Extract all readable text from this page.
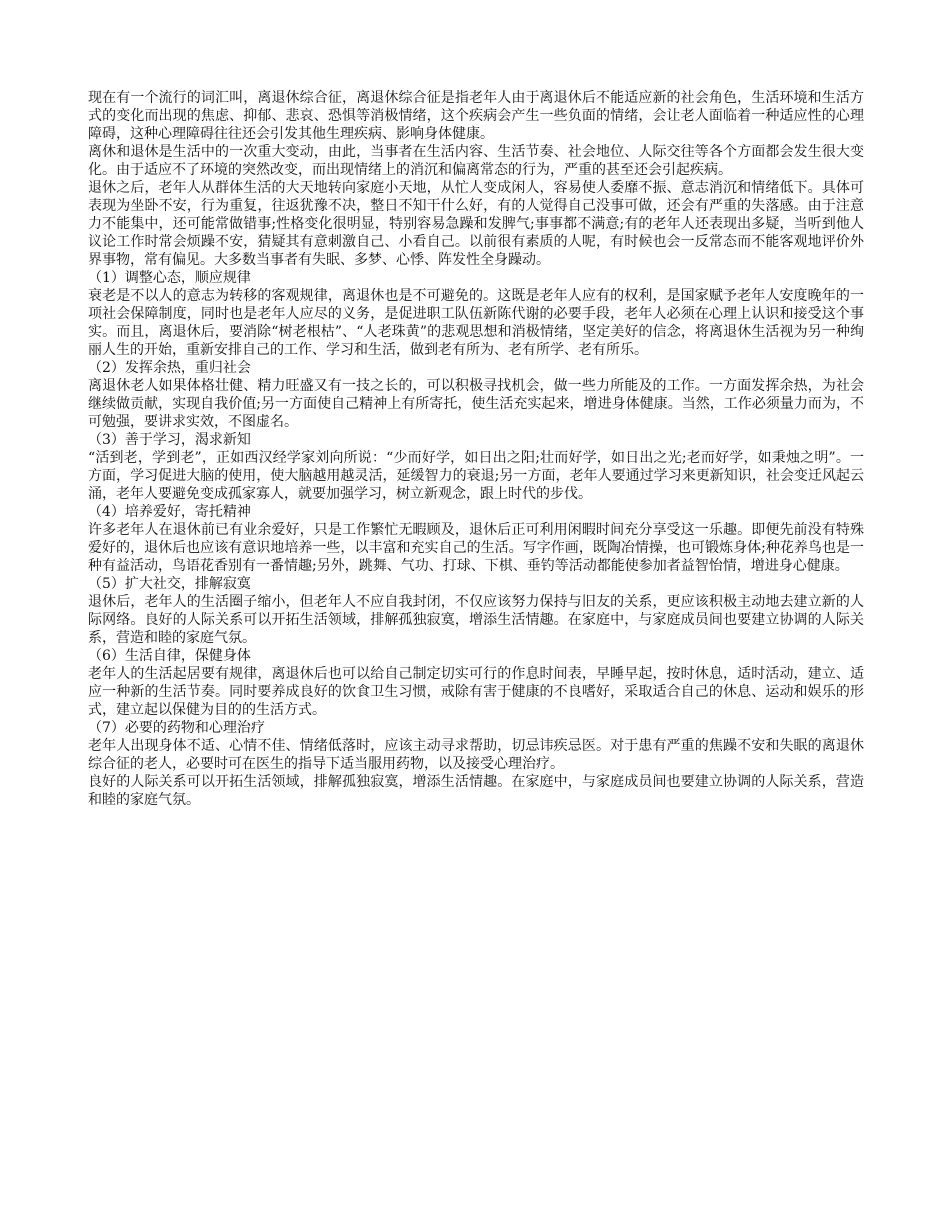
现在有一个流行的词汇叫，离退休综合征，离退休综合征是指老年人由于离退休后不能适应新的社会角色，生活环境和生活方式的变化而出现的焦虑、抑郁、悲哀、恐惧等消极情绪，这个疾病会产生一些负面的情绪，会让老人面临着一种适应性的心理障碍，这种心理障碍往往还会引发其他生理疾病、影响身体健康。

离休和退休是生活中的一次重大变动，由此，当事者在生活内容、生活节奏、社会地位、人际交往等各个方面都会发生很大变化。由于适应不了环境的突然改变，而出现情绪上的消沉和偏离常态的行为，严重的甚至还会引起疾病。

退休之后，老年人从群体生活的大天地转向家庭小天地，从忙人变成闲人，容易使人委靡不振、意志消沉和情绪低下。具体可表现为坐卧不安，行为重复，往返犹豫不决，整日不知干什么好，有的人觉得自己没事可做，还会有严重的失落感。由于注意力不能集中，还可能常做错事;性格变化很明显，特别容易急躁和发脾气;事事都不满意;有的老年人还表现出多疑，当听到他人议论工作时常会烦躁不安，猜疑其有意刺激自己、小看自己。以前很有素质的人呢，有时候也会一反常态而不能客观地评价外界事物，常有偏见。大多数当事者有失眠、多梦、心悸、阵发性全身躁动。

（1）调整心态，顺应规律

衰老是不以人的意志为转移的客观规律，离退休也是不可避免的。这既是老年人应有的权利，是国家赋予老年人安度晚年的一项社会保障制度，同时也是老年人应尽的义务，是促进职工队伍新陈代谢的必要手段，老年人必须在心理上认识和接受这个事实。而且，离退休后，要消除“树老根枯”、“人老珠黄”的悲观思想和消极情绪，坚定美好的信念，将离退休生活视为另一种绚丽人生的开始，重新安排自己的工作、学习和生活，做到老有所为、老有所学、老有所乐。

（2）发挥余热，重归社会

离退休老人如果体格壮健、精力旺盛又有一技之长的，可以积极寻找机会，做一些力所能及的工作。一方面发挥余热，为社会继续做贡献，实现自我价值;另一方面使自己精神上有所寄托，使生活充实起来，增进身体健康。当然，工作必须量力而为，不可勉强，要讲求实效，不图虚名。

（3）善于学习，渴求新知

“活到老，学到老”，正如西汉经学家刘向所说：“少而好学，如日出之阳;壮而好学，如日出之光;老而好学，如秉烛之明”。一方面，学习促进大脑的使用，使大脑越用越灵活，延缓智力的衰退;另一方面，老年人要通过学习来更新知识，社会变迁风起云涌，老年人要避免变成孤家寡人，就要加强学习，树立新观念，跟上时代的步伐。

（4）培养爱好，寄托精神

许多老年人在退休前已有业余爱好，只是工作繁忙无暇顾及，退休后正可利用闲暇时间充分享受这一乐趣。即便先前没有特殊爱好的，退休后也应该有意识地培养一些，以丰富和充实自己的生活。写字作画，既陶冶情操，也可锻炼身体;种花养鸟也是一种有益活动，鸟语花香别有一番情趣;另外，跳舞、气功、打球、下棋、垂钓等活动都能使参加者益智怡情，增进身心健康。

（5）扩大社交，排解寂寞

退休后，老年人的生活圈子缩小，但老年人不应自我封闭，不仅应该努力保持与旧友的关系，更应该积极主动地去建立新的人际网络。良好的人际关系可以开拓生活领域，排解孤独寂寞，增添生活情趣。在家庭中，与家庭成员间也要建立协调的人际关系，营造和睦的家庭气氛。

（6）生活自律，保健身体

老年人的生活起居要有规律，离退休后也可以给自己制定切实可行的作息时间表，早睡早起，按时休息，适时活动，建立、适应一种新的生活节奏。同时要养成良好的饮食卫生习惯，戒除有害于健康的不良嗜好，采取适合自己的休息、运动和娱乐的形式，建立起以保健为目的的生活方式。

（7）必要的药物和心理治疗

老年人出现身体不适、心情不佳、情绪低落时，应该主动寻求帮助，切忌讳疾忌医。对于患有严重的焦躁不安和失眠的离退休综合征的老人，必要时可在医生的指导下适当服用药物，以及接受心理治疗。

良好的人际关系可以开拓生活领域，排解孤独寂寞，增添生活情趣。在家庭中，与家庭成员间也要建立协调的人际关系，营造和睦的家庭气氛。
